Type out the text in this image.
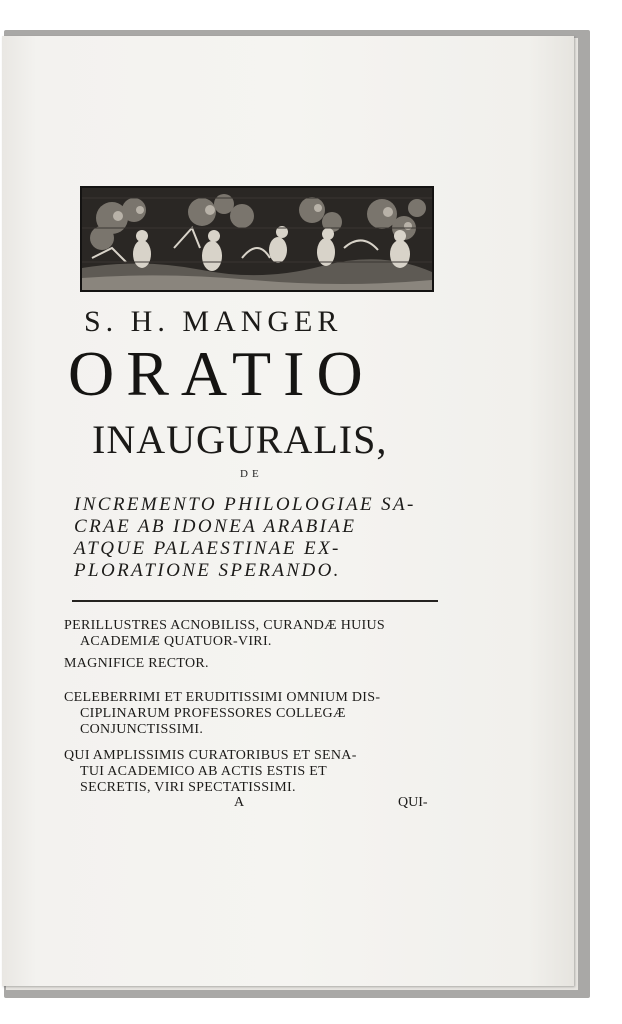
S. H. MANGER
ORATIO
INAUGURALIS,
DE
INCREMENTO PHILOLOGIAE SA-
CRAE AB IDONEA ARABIAE
ATQUE PALAESTINAE EX-
PLORATIONE SPERANDO.
PERILLUSTRES ACNOBILISS, CURANDÆ HUIUS
ACADEMIÆ QUATUOR-VIRI.
MAGNIFICE RECTOR.
CELEBERRIMI ET ERUDITISSIMI OMNIUM DIS-
CIPLINARUM PROFESSORES COLLEGÆ
CONJUNCTISSIMI.
QUI AMPLISSIMIS CURATORIBUS ET SENA-
TUI ACADEMICO AB ACTIS ESTIS ET
SECRETIS, VIRI SPECTATISSIMI.
A	QUI-
